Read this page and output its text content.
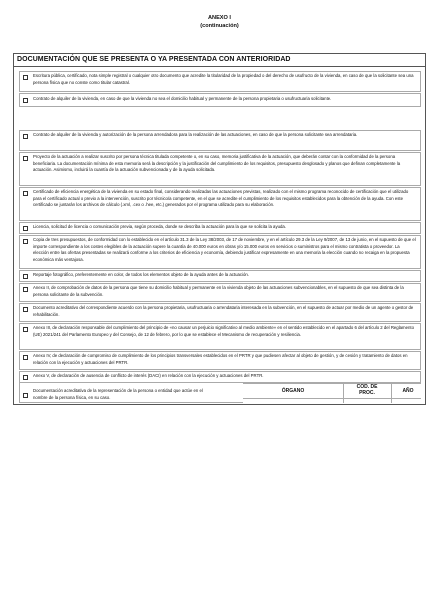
ANEXO I
(continuación)
DOCUMENTACIÓN QUE SE PRESENTA O YA PRESENTADA CON ANTERIORIDAD
Escritura pública, certificado, nota simple registral o cualquier otro documento que acredite la titularidad de la propiedad o del derecho de usufructo de la vivienda, en caso de que la solicitante sea una persona física que no conste como titular catastral.
Contrato de alquiler de la vivienda, en caso de que la vivienda no sea el domicilio habitual y permanente de la persona propietaria o usufructuaria solicitante.
Contrato de alquiler de la vivienda y autorización de la persona arrendadora para la realización de las actuaciones, en caso de que la persona solicitante sea arrendataria.
Proyecto de la actuación a realizar suscrito por persona técnica titulada competente o, en su caso, memoria justificativa de la actuación, que deberán contar con la conformidad de la persona beneficiaria. La documentación mínima de esta memoria será la descripción y la justificación del cumplimiento de los requisitos, presupuesto desglosado y planos que definan completamente la actuación. Asimismo, incluirá la cuantía de la actuación subvencionada y de la ayuda solicitada.
Certificado de eficiencia energética de la vivienda en su estado final, considerando realizadas las actuaciones previstas, realizado con el mismo programa reconocido de certificación que el utilizado para el certificado actual o previo a la intervención, suscrito por técnico/a competente, en el que se acredite el cumplimiento de los requisitos establecidos para la obtención de la ayuda. Con este certificado se juntarán los archivos de cálculo (.xml, .cex o .hee, etc.) generados por el programa utilizado para su elaboración.
Licencia, solicitud de licencia o comunicación previa, según proceda, donde se describa la actuación para la que se solicita la ayuda.
Copia de tres presupuestos, de conformidad con lo establecido en el artículo 31.3 de la Ley 38/2003, de 17 de noviembre, y en el artículo 29.3 de la Ley 9/2007, de 13 de junio, en el supuesto de que el importe correspondiente a los costes elegibles de la actuación supere la cuantía de 40.000 euros en obras y/o 15.000 euros en servicios o suministros para el mismo contratista o proveedor. La elección entre las ofertas presentadas se realizará conforme a los criterios de eficiencia y economía, debiendo justificar expresamente en una memoria la elección cuando no recaiga en la propuesta económica más ventajosa.
Reportaje fotográfico, preferentemente en color, de todos los elementos objeto de la ayuda antes de la actuación.
Anexo II, de comprobación de datos de la persona que tiene su domicilio habitual y permanente en la vivienda objeto de las actuaciones subvencionables, en el supuesto de que sea distinta de la persona solicitante de la subvención.
Documento acreditativo del correspondiente acuerdo con la persona propietaria, usufructuaria o arrendataria interesada en la subvención, en el supuesto de actuar por medio de un agente o gestor de rehabilitación.
Anexo III, de declaración responsable del cumplimiento del principio de «no causar un perjuicio significativo al medio ambiente» en el sentido establecido en el apartado 6 del artículo 2 del Reglamento (UE) 2021/241 del Parlamento Europeo y del Consejo, de 12 de febrero, por lo que se establece el Mecanismo de recuperación y resiliencia.
Anexo IV, de declaración de compromiso de cumplimiento de los principios transversales establecidos en el PRTR y que pudiesen afectar al objeto de gestión, y de cesión y tratamiento de datos en relación con la ejecución y actuaciones del PRTR.
Anexo V, de declaración de ausencia de conflicto de interés (DACI) en relación con la ejecución y actuaciones del PRTR.
ÓRGANO
CÓD. DE PROC.	AÑO
Documentación acreditativa de la representación de la persona o entidad que actúe en el nombre de la persona física, en su caso.
